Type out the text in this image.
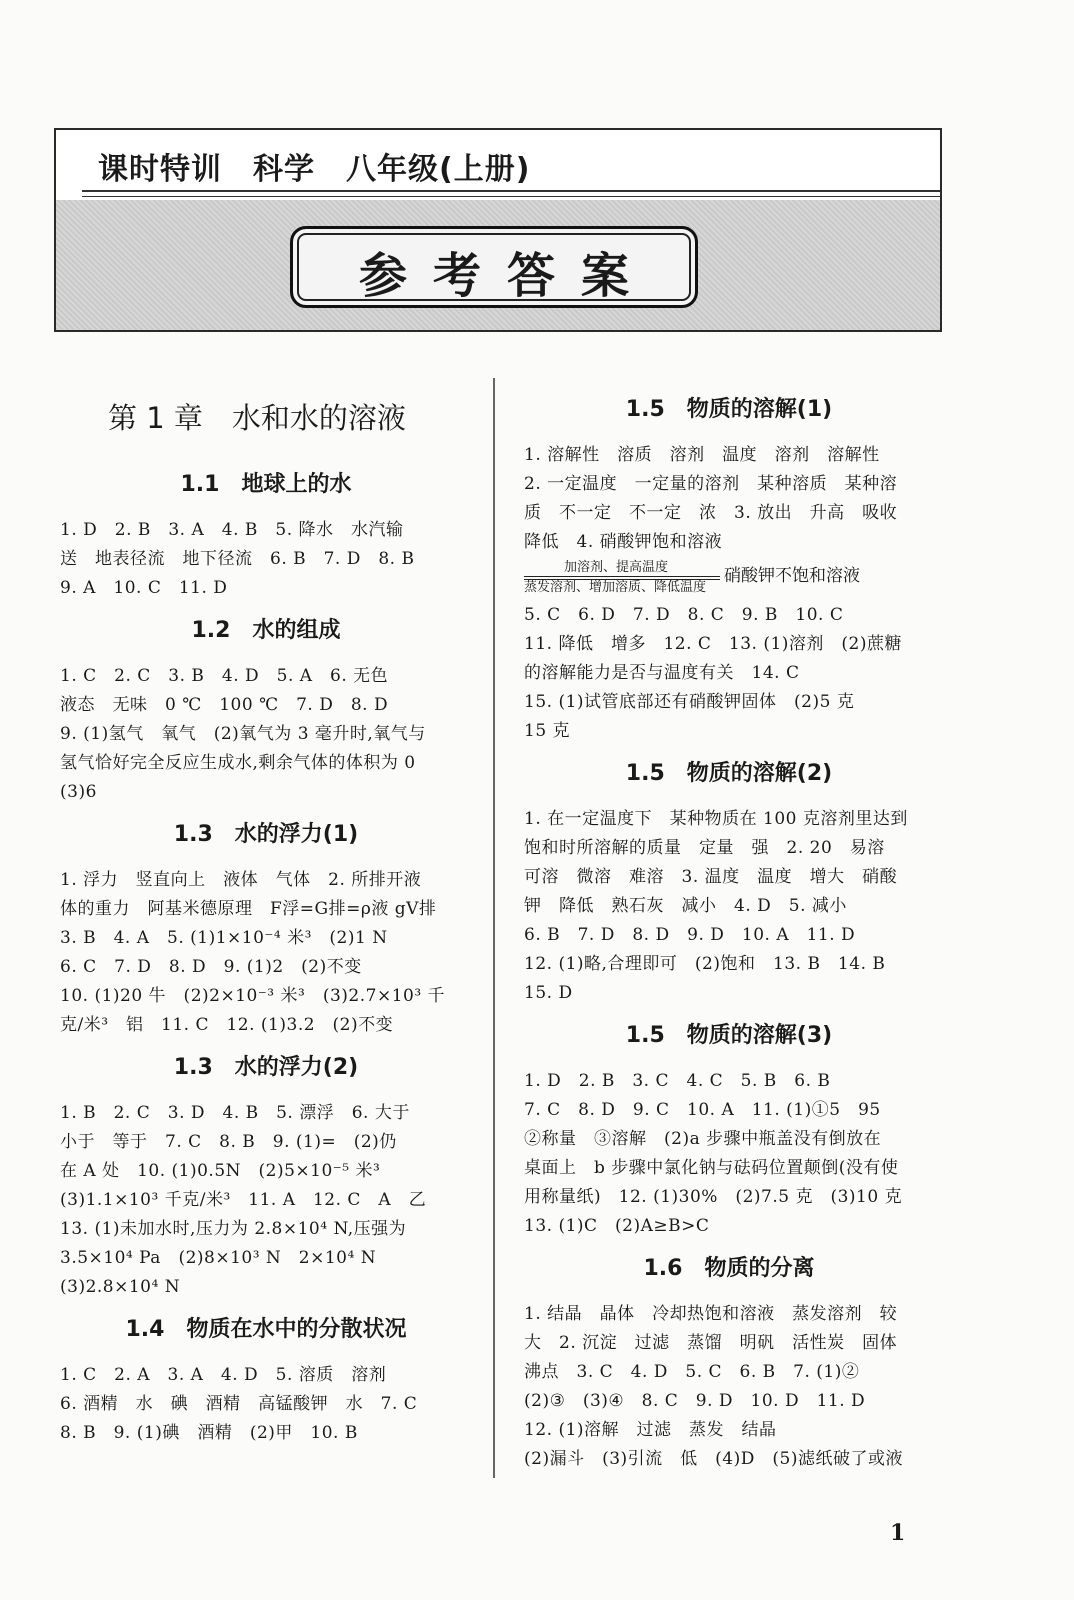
课时特训　科学　八年级(上册)
参考答案
第 1 章　水和水的溶液
1.1　地球上的水
1. D　2. B　3. A　4. B　5. 降水　水汽输
送　地表径流　地下径流　6. B　7. D　8. B
9. A　10. C　11. D
1.2　水的组成
1. C　2. C　3. B　4. D　5. A　6. 无色
液态　无味　0 ℃　100 ℃　7. D　8. D
9. (1)氢气　氧气　(2)氧气为 3 毫升时,氧气与
氢气恰好完全反应生成水,剩余气体的体积为 0
(3)6
1.3　水的浮力(1)
1. 浮力　竖直向上　液体　气体　2. 所排开液
体的重力　阿基米德原理　F浮=G排=ρ液 gV排
3. B　4. A　5. (1)1×10⁻⁴ 米³　(2)1 N
6. C　7. D　8. D　9. (1)2　(2)不变
10. (1)20 牛　(2)2×10⁻³ 米³　(3)2.7×10³ 千
克/米³　铝　11. C　12. (1)3.2　(2)不变
1.3　水的浮力(2)
1. B　2. C　3. D　4. B　5. 漂浮　6. 大于
小于　等于　7. C　8. B　9. (1)=　(2)仍
在 A 处　10. (1)0.5N　(2)5×10⁻⁵ 米³
(3)1.1×10³ 千克/米³　11. A　12. C　A　乙
13. (1)未加水时,压力为 2.8×10⁴ N,压强为
3.5×10⁴ Pa　(2)8×10³ N　2×10⁴ N
(3)2.8×10⁴ N
1.4　物质在水中的分散状况
1. C　2. A　3. A　4. D　5. 溶质　溶剂
6. 酒精　水　碘　酒精　高锰酸钾　水　7. C
8. B　9. (1)碘　酒精　(2)甲　10. B
1.5　物质的溶解(1)
1. 溶解性　溶质　溶剂　温度　溶剂　溶解性
2. 一定温度　一定量的溶剂　某种溶质　某种溶
质　不一定　不一定　浓　3. 放出　升高　吸收
降低　4. 硝酸钾饱和溶液
加溶剂、提高温度
蒸发溶剂、增加溶质、降低温度
硝酸钾不饱和溶液
5. C　6. D　7. D　8. C　9. B　10. C
11. 降低　增多　12. C　13. (1)溶剂　(2)蔗糖
的溶解能力是否与温度有关　14. C
15. (1)试管底部还有硝酸钾固体　(2)5 克
15 克
1.5　物质的溶解(2)
1. 在一定温度下　某种物质在 100 克溶剂里达到
饱和时所溶解的质量　定量　强　2. 20　易溶
可溶　微溶　难溶　3. 温度　温度　增大　硝酸
钾　降低　熟石灰　减小　4. D　5. 减小
6. B　7. D　8. D　9. D　10. A　11. D
12. (1)略,合理即可　(2)饱和　13. B　14. B
15. D
1.5　物质的溶解(3)
1. D　2. B　3. C　4. C　5. B　6. B
7. C　8. D　9. C　10. A　11. (1)①5　95
②称量　③溶解　(2)a 步骤中瓶盖没有倒放在
桌面上　b 步骤中氯化钠与砝码位置颠倒(没有使
用称量纸)　12. (1)30%　(2)7.5 克　(3)10 克
13. (1)C　(2)A≥B>C
1.6　物质的分离
1. 结晶　晶体　冷却热饱和溶液　蒸发溶剂　较
大　2. 沉淀　过滤　蒸馏　明矾　活性炭　固体
沸点　3. C　4. D　5. C　6. B　7. (1)②
(2)③　(3)④　8. C　9. D　10. D　11. D
12. (1)溶解　过滤　蒸发　结晶
(2)漏斗　(3)引流　低　(4)D　(5)滤纸破了或液
1
